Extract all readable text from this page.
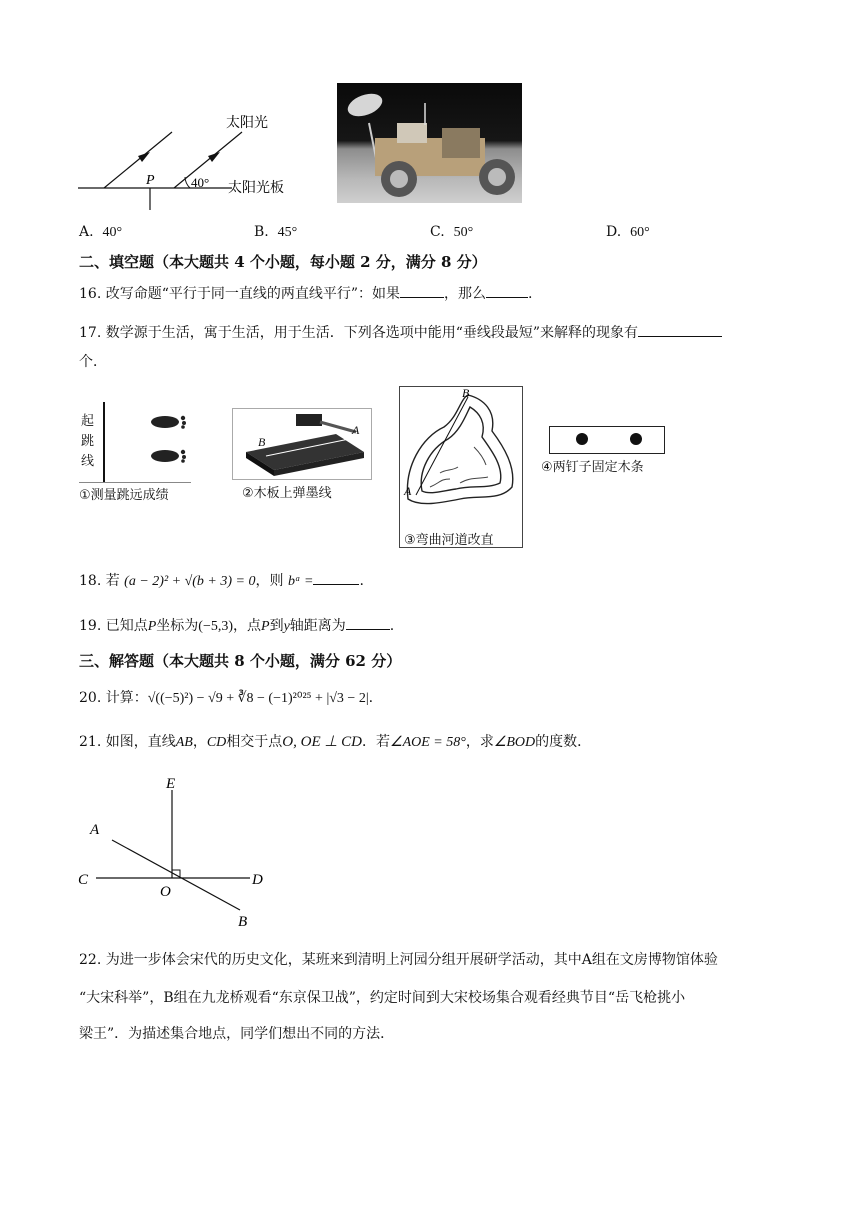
太阳光
P	40° 太阳光板
A. 40°	B. 45°	C. 50°	D. 60°
二、填空题（本大题共 4 个小题，每小题 2 分，满分 8 分）
16. 改写命题“平行于同一直线的两直线平行”：如果	，那么	.
17. 数学源于生活，寓于生活，用于生活．下列各选项中能用“垂线段最短”来解释的现象有
个．
起
跳
线
①测量跳远成绩
B
A
②木板上弹墨线
B
A
③弯曲河道改直
④两钉子固定木条
18. 若 (a − 2)² + √(b + 3) = 0，则 bᵃ =	.
19. 已知点P坐标为(−5,3)，点P到y轴距离为	.
三、解答题（本大题共 8 个小题，满分 62 分）
20. 计算：√((−5)²) − √9 + ∛8 − (−1)²⁰²⁵ + |√3 − 2|.
21. 如图，直线AB，CD相交于点O, OE ⊥ CD．若∠AOE = 58°，求∠BOD的度数．
E
A
C
O
D
B
22. 为进一步体会宋代的历史文化，某班来到清明上河园分组开展研学活动，其中A组在文房博物馆体验
“大宋科举”，B组在九龙桥观看“东京保卫战”，约定时间到大宋校场集合观看经典节目“岳飞枪挑小
梁王”．为描述集合地点，同学们想出不同的方法．
